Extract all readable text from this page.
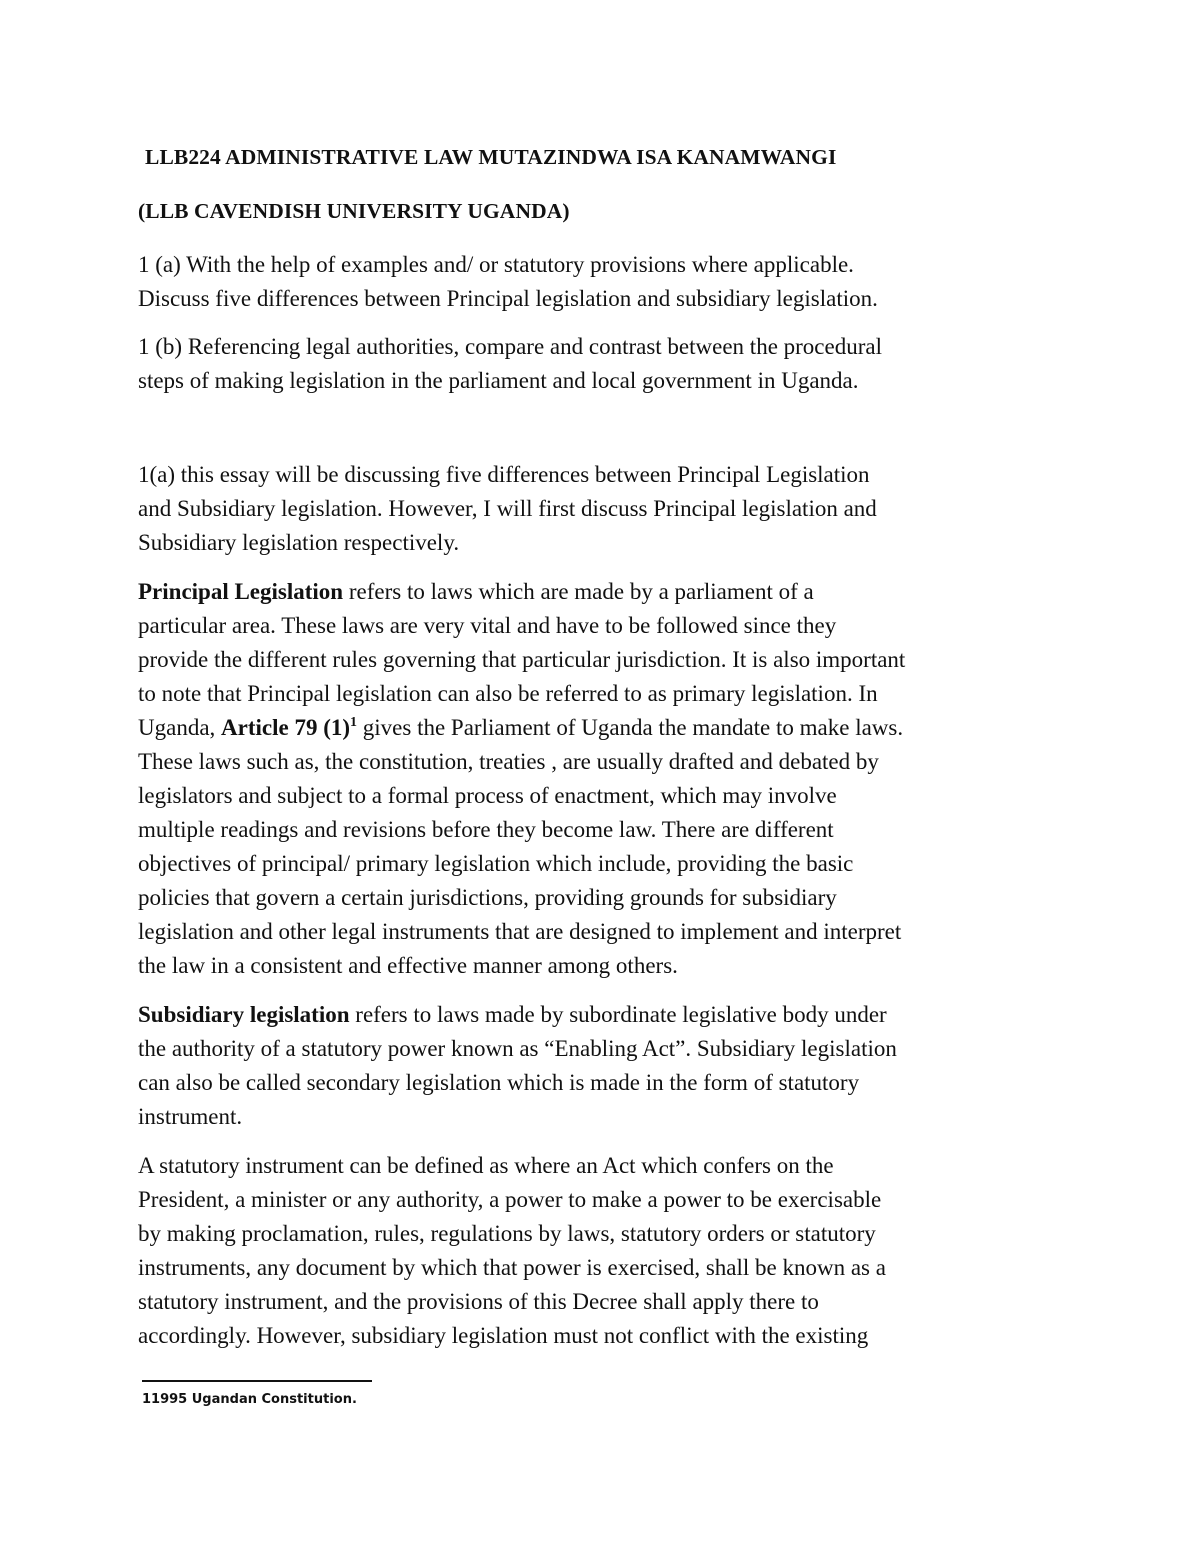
LLB224 ADMINISTRATIVE LAW MUTAZINDWA ISA KANAMWANGI
(LLB CAVENDISH UNIVERSITY UGANDA)
1 (a) With the help of examples and/ or statutory provisions where applicable.
Discuss five differences between Principal legislation and subsidiary legislation.
1 (b) Referencing legal authorities, compare and contrast between the procedural
steps of making legislation in the parliament and local government in Uganda.
1(a) this essay will be discussing five differences between Principal Legislation
and Subsidiary legislation. However, I will first discuss Principal legislation and
Subsidiary legislation respectively.
Principal Legislation refers to laws which are made by a parliament of a
particular area. These laws are very vital and have to be followed since they
provide the different rules governing that particular jurisdiction. It is also important
to note that Principal legislation can also be referred to as primary legislation. In
Uganda, Article 79 (1)$^1$ gives the Parliament of Uganda the mandate to make laws.
These laws such as, the constitution, treaties , are usually drafted and debated by
legislators and subject to a formal process of enactment, which may involve
multiple readings and revisions before they become law. There are different
objectives of principal/ primary legislation which include, providing the basic
policies that govern a certain jurisdictions, providing grounds for subsidiary
legislation and other legal instruments that are designed to implement and interpret
the law in a consistent and effective manner among others.
Subsidiary legislation refers to laws made by subordinate legislative body under
the authority of a statutory power known as “Enabling Act”. Subsidiary legislation
can also be called secondary legislation which is made in the form of statutory
instrument.
A statutory instrument can be defined as where an Act which confers on the
President, a minister or any authority, a power to make a power to be exercisable
by making proclamation, rules, regulations by laws, statutory orders or statutory
instruments, any document by which that power is exercised, shall be known as a
statutory instrument, and the provisions of this Decree shall apply there to
accordingly. However, subsidiary legislation must not conflict with the existing
11995 Ugandan Constitution.
